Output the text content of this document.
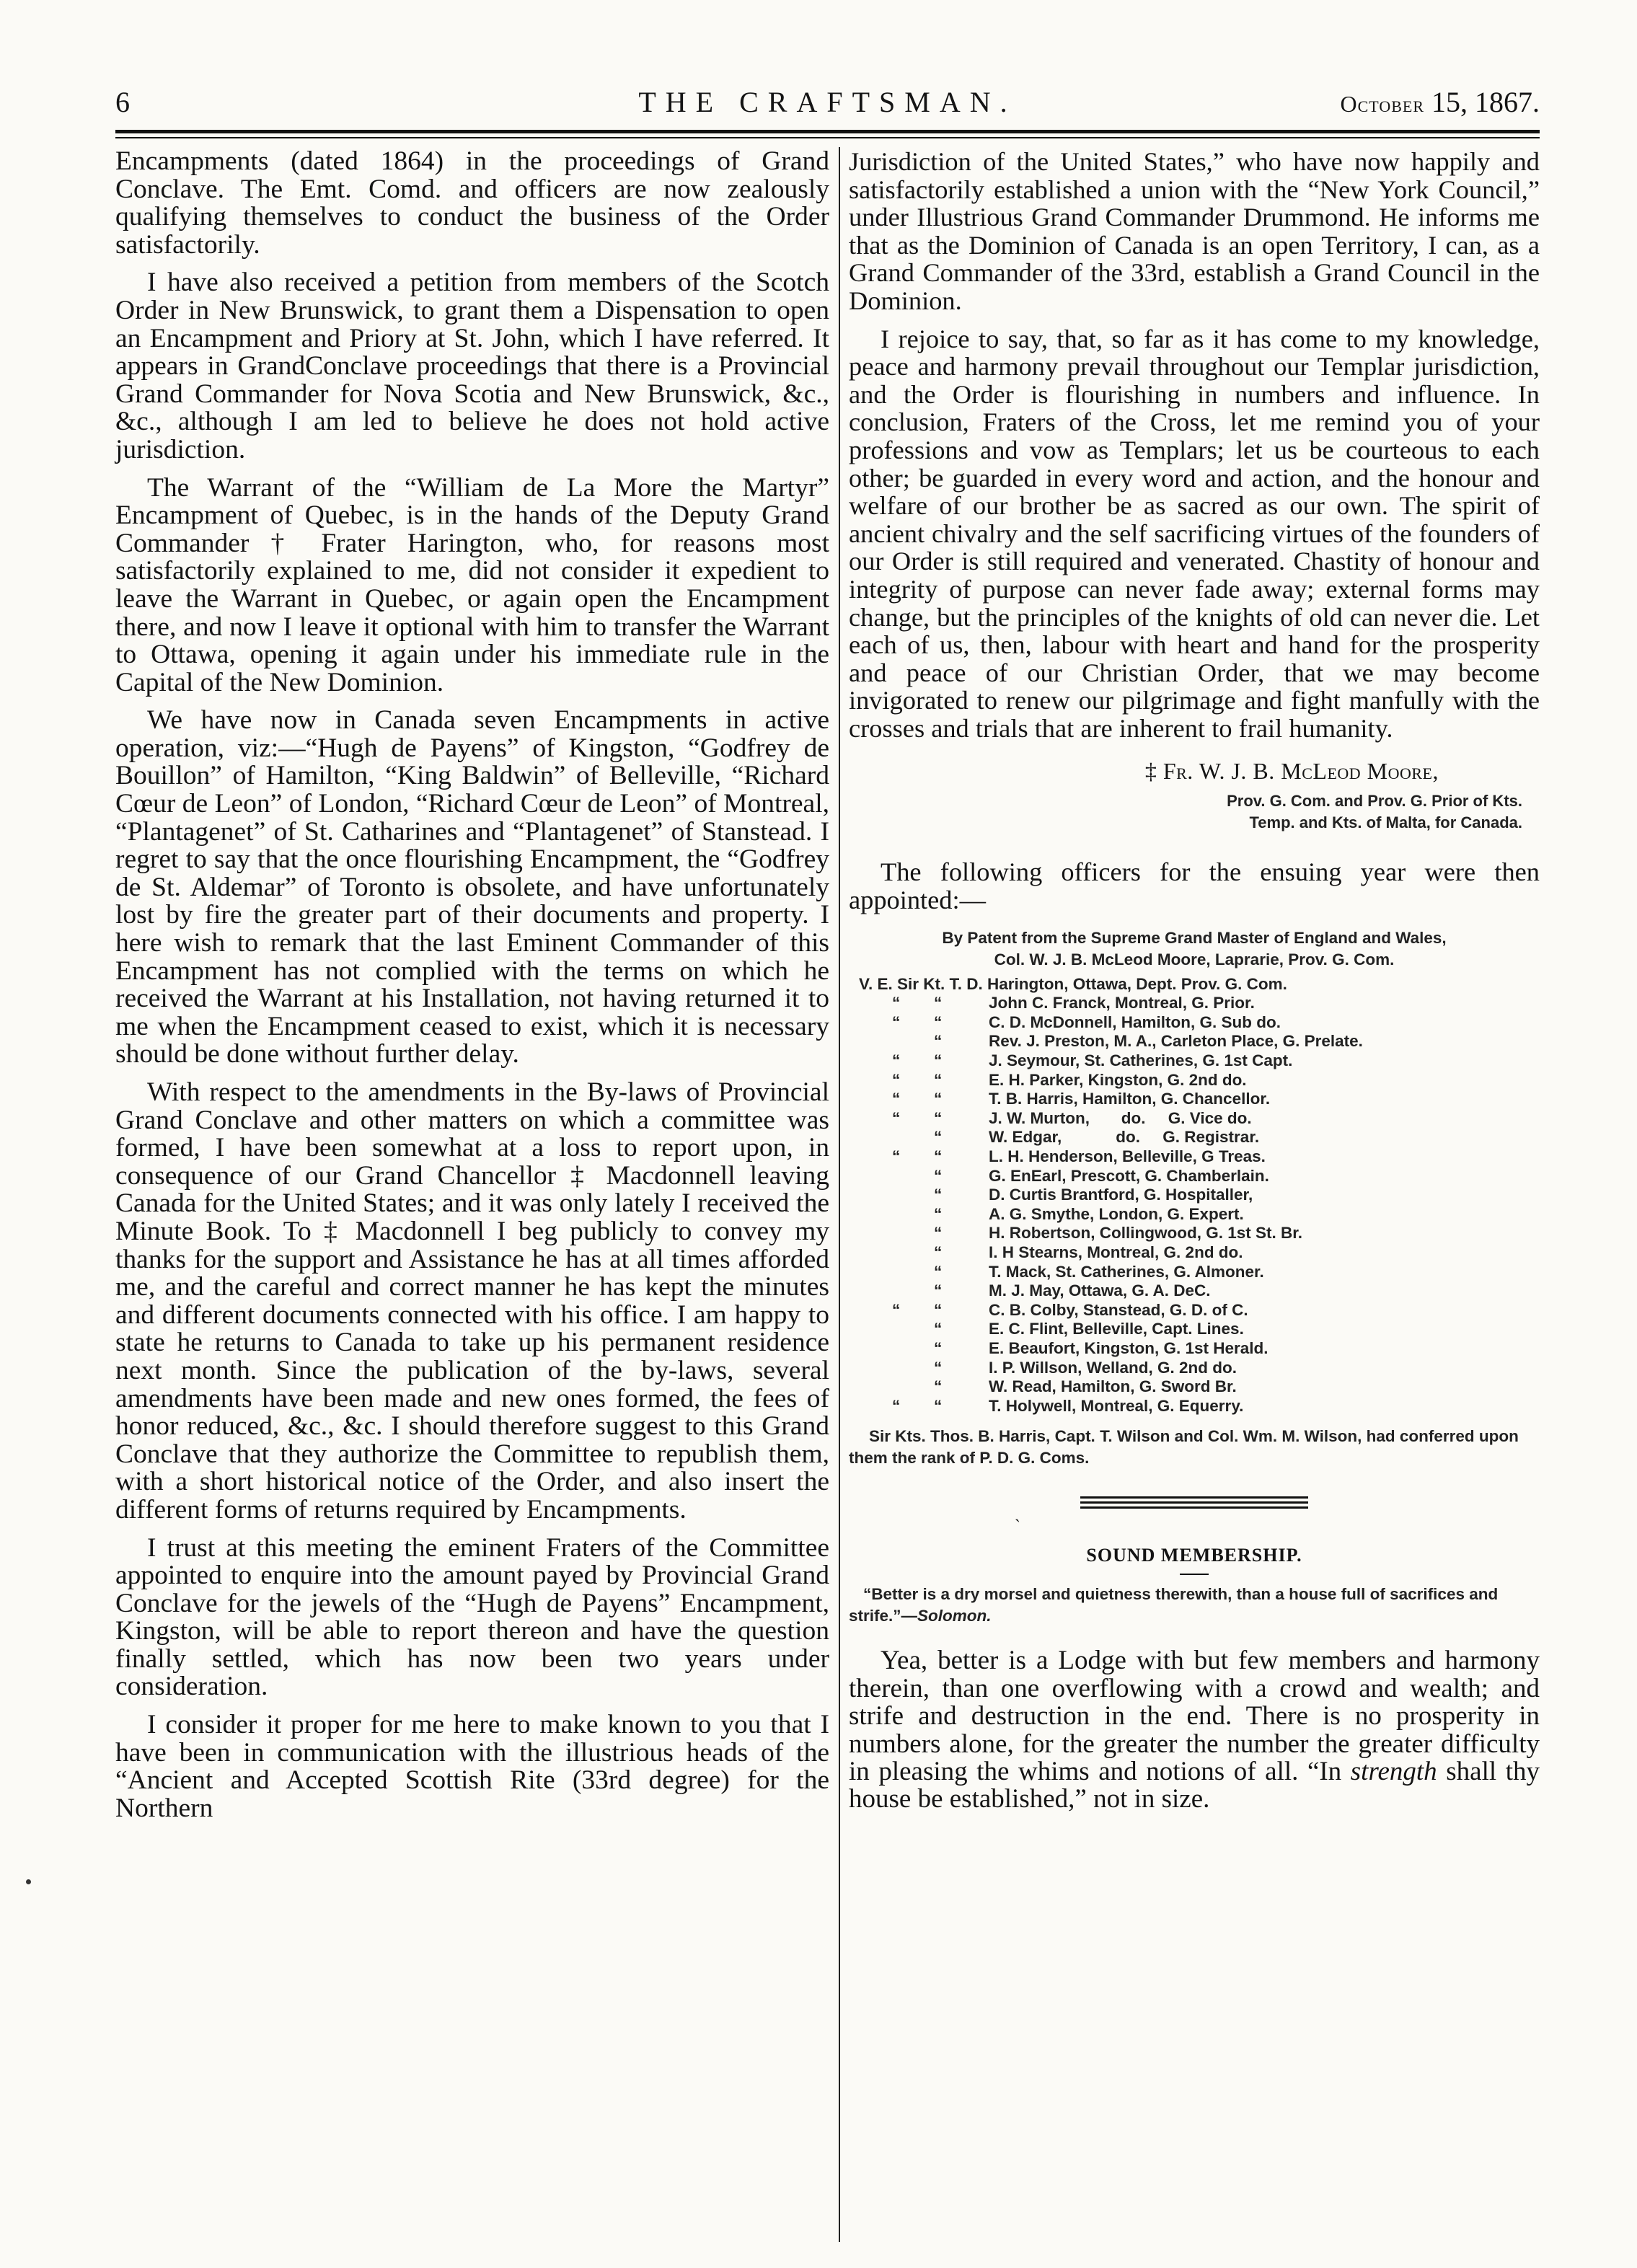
6	THE CRAFTSMAN.	October 15, 1867.

Encampments (dated 1864) in the proceedings of Grand Conclave. The Emt. Comd. and officers are now zealously qualifying themselves to conduct the business of the Order satisfactorily.

I have also received a petition from members of the Scotch Order in New Brunswick, to grant them a Dispensation to open an Encampment and Priory at St. John, which I have referred. It appears in GrandConclave proceedings that there is a Provincial Grand Commander for Nova Scotia and New Brunswick, &c., &c., although I am led to believe he does not hold active jurisdiction.

The Warrant of the “William de La More the Martyr” Encampment of Quebec, is in the hands of the Deputy Grand Commander † Frater Harington, who, for reasons most satisfactorily explained to me, did not consider it expedient to leave the Warrant in Quebec, or again open the Encampment there, and now I leave it optional with him to transfer the Warrant to Ottawa, opening it again under his immediate rule in the Capital of the New Dominion.

We have now in Canada seven Encampments in active operation, viz:—“Hugh de Payens” of Kingston, “Godfrey de Bouillon” of Hamilton, “King Baldwin” of Belleville, “Richard Cœur de Leon” of London, “Richard Cœur de Leon” of Montreal, “Plantagenet” of St. Catharines and “Plantagenet” of Stanstead. I regret to say that the once flourishing Encampment, the “Godfrey de St. Aldemar” of Toronto is obsolete, and have unfortunately lost by fire the greater part of their documents and property. I here wish to remark that the last Eminent Commander of this Encampment has not complied with the terms on which he received the Warrant at his Installation, not having returned it to me when the Encampment ceased to exist, which it is necessary should be done without further delay.

With respect to the amendments in the By-laws of Provincial Grand Conclave and other matters on which a committee was formed, I have been somewhat at a loss to report upon, in consequence of our Grand Chancellor ‡ Macdonnell leaving Canada for the United States; and it was only lately I received the Minute Book. To ‡ Macdonnell I beg publicly to convey my thanks for the support and Assistance he has at all times afforded me, and the careful and correct manner he has kept the minutes and different documents connected with his office. I am happy to state he returns to Canada to take up his permanent residence next month. Since the publication of the by-laws, several amendments have been made and new ones formed, the fees of honor reduced, &c., &c. I should therefore suggest to this Grand Conclave that they authorize the Committee to republish them, with a short historical notice of the Order, and also insert the different forms of returns required by Encampments.

I trust at this meeting the eminent Fraters of the Committee appointed to enquire into the amount payed by Provincial Grand Conclave for the jewels of the “Hugh de Payens” Encampment, Kingston, will be able to report thereon and have the question finally settled, which has now been two years under consideration.

I consider it proper for me here to make known to you that I have been in communication with the illustrious heads of the “Ancient and Accepted Scottish Rite (33rd degree) for the Northern

Jurisdiction of the United States,” who have now happily and satisfactorily established a union with the “New York Council,” under Illustrious Grand Commander Drummond. He informs me that as the Dominion of Canada is an open Territory, I can, as a Grand Commander of the 33rd, establish a Grand Council in the Dominion.

I rejoice to say, that, so far as it has come to my knowledge, peace and harmony prevail throughout our Templar jurisdiction, and the Order is flourishing in numbers and influence. In conclusion, Fraters of the Cross, let me remind you of your professions and vow as Templars; let us be courteous to each other; be guarded in every word and action, and the honour and welfare of our brother be as sacred as our own. The spirit of ancient chivalry and the self sacrificing virtues of the founders of our Order is still required and venerated. Chastity of honour and integrity of purpose can never fade away; external forms may change, but the principles of the knights of old can never die. Let each of us, then, labour with heart and hand for the prosperity and peace of our Christian Order, that we may become invigorated to renew our pilgrimage and fight manfully with the crosses and trials that are inherent to frail humanity.

‡ Fr. W. J. B. McLeod Moore,
Prov. G. Com. and Prov. G. Prior of Kts.
Temp. and Kts. of Malta, for Canada.

The following officers for the ensuing year were then appointed:—

By Patent from the Supreme Grand Master of England and Wales,
Col. W. J. B. McLeod Moore, Laprarie, Prov. G. Com.
V. E. Sir Kt. T. D. Harington, Ottawa, Dept. Prov. G. Com.
“ “	John C. Franck, Montreal, G. Prior.
“ “	C. D. McDonnell, Hamilton, G. Sub do.
“	Rev. J. Preston, M. A., Carleton Place, G. Prelate.
“ “	J. Seymour, St. Catherines, G. 1st Capt.
“ “	E. H. Parker, Kingston, G. 2nd do.
“ “	T. B. Harris, Hamilton, G. Chancellor.
“ “	J. W. Murton,       do.     G. Vice do.
“	W. Edgar,            do.     G. Registrar.
“ “	L. H. Henderson, Belleville, G Treas.
“	G. EnEarl, Prescott, G. Chamberlain.
“	D. Curtis Brantford, G. Hospitaller,
“	A. G. Smythe, London, G. Expert.
“	H. Robertson, Collingwood, G. 1st St. Br.
“	I. H Stearns, Montreal, G. 2nd do.
“	T. Mack, St. Catherines, G. Almoner.
“	M. J. May, Ottawa, G. A. DeC.
“ “	C. B. Colby, Stanstead, G. D. of C.
“	E. C. Flint, Belleville, Capt. Lines.
“	E. Beaufort, Kingston, G. 1st Herald.
“	I. P. Willson, Welland, G. 2nd do.
“	W. Read, Hamilton, G. Sword Br.
“ “	T. Holywell, Montreal, G. Equerry.
Sir Kts. Thos. B. Harris, Capt. T. Wilson and Col. Wm. M. Wilson, had conferred upon them the rank of P. D. G. Coms.
ˋ
SOUND MEMBERSHIP.
“Better is a dry morsel and quietness therewith, than a house full of sacrifices and strife.”—Solomon.

Yea, better is a Lodge with but few members and harmony therein, than one overflowing with a crowd and wealth; and strife and destruction in the end. There is no prosperity in numbers alone, for the greater the number the greater difficulty in pleasing the whims and notions of all. “In strength shall thy house be established,” not in size.
